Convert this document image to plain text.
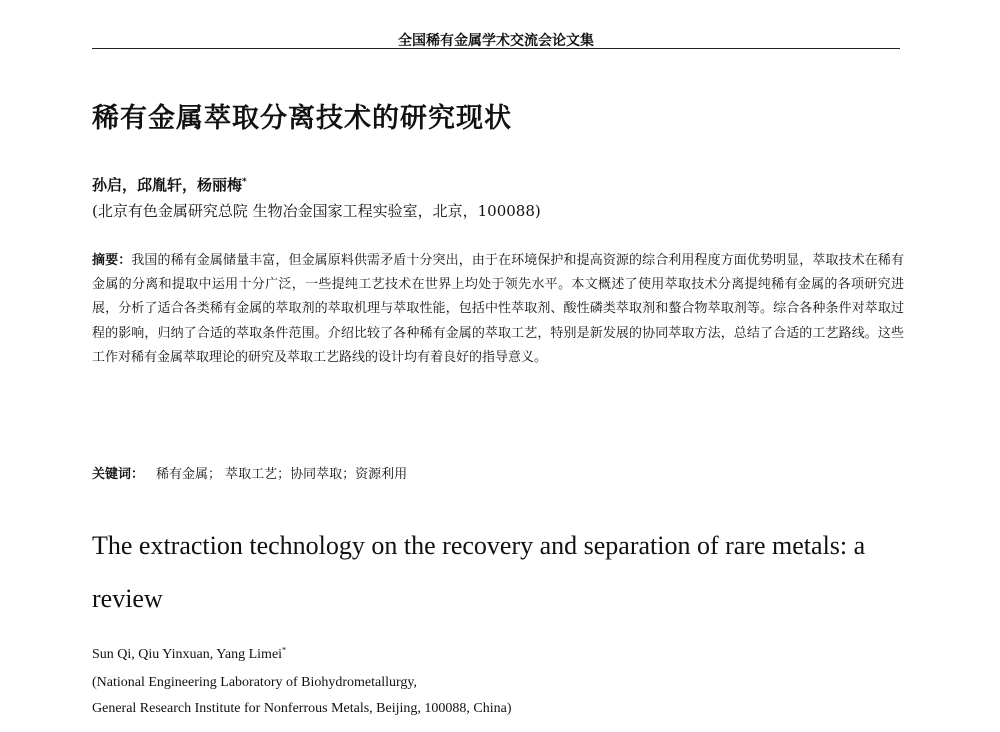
全国稀有金属学术交流会论文集
稀有金属萃取分离技术的研究现状
孙启，邱胤轩，杨丽梅*
(北京有色金属研究总院 生物冶金国家工程实验室，北京，100088)
摘要：我国的稀有金属储量丰富，但金属原料供需矛盾十分突出，由于在环境保护和提高资源的综合利用程度方面优势明显，萃取技术在稀有金属的分离和提取中运用十分广泛，一些提纯工艺技术在世界上均处于领先水平。本文概述了使用萃取技术分离提纯稀有金属的各项研究进展，分析了适合各类稀有金属的萃取剂的萃取机理与萃取性能，包括中性萃取剂、酸性磷类萃取剂和螯合物萃取剂等。综合各种条件对萃取过程的影响，归纳了合适的萃取条件范围。介绍比较了各种稀有金属的萃取工艺，特别是新发展的协同萃取方法，总结了合适的工艺路线。这些工作对稀有金属萃取理论的研究及萃取工艺路线的设计均有着良好的指导意义。
关键词： 稀有金属； 萃取工艺；协同萃取；资源利用
The extraction technology on the recovery and separation of rare metals: a review
Sun Qi, Qiu Yinxuan, Yang Limei*
(National Engineering Laboratory of Biohydrometallurgy,
General Research Institute for Nonferrous Metals, Beijing, 100088, China)
